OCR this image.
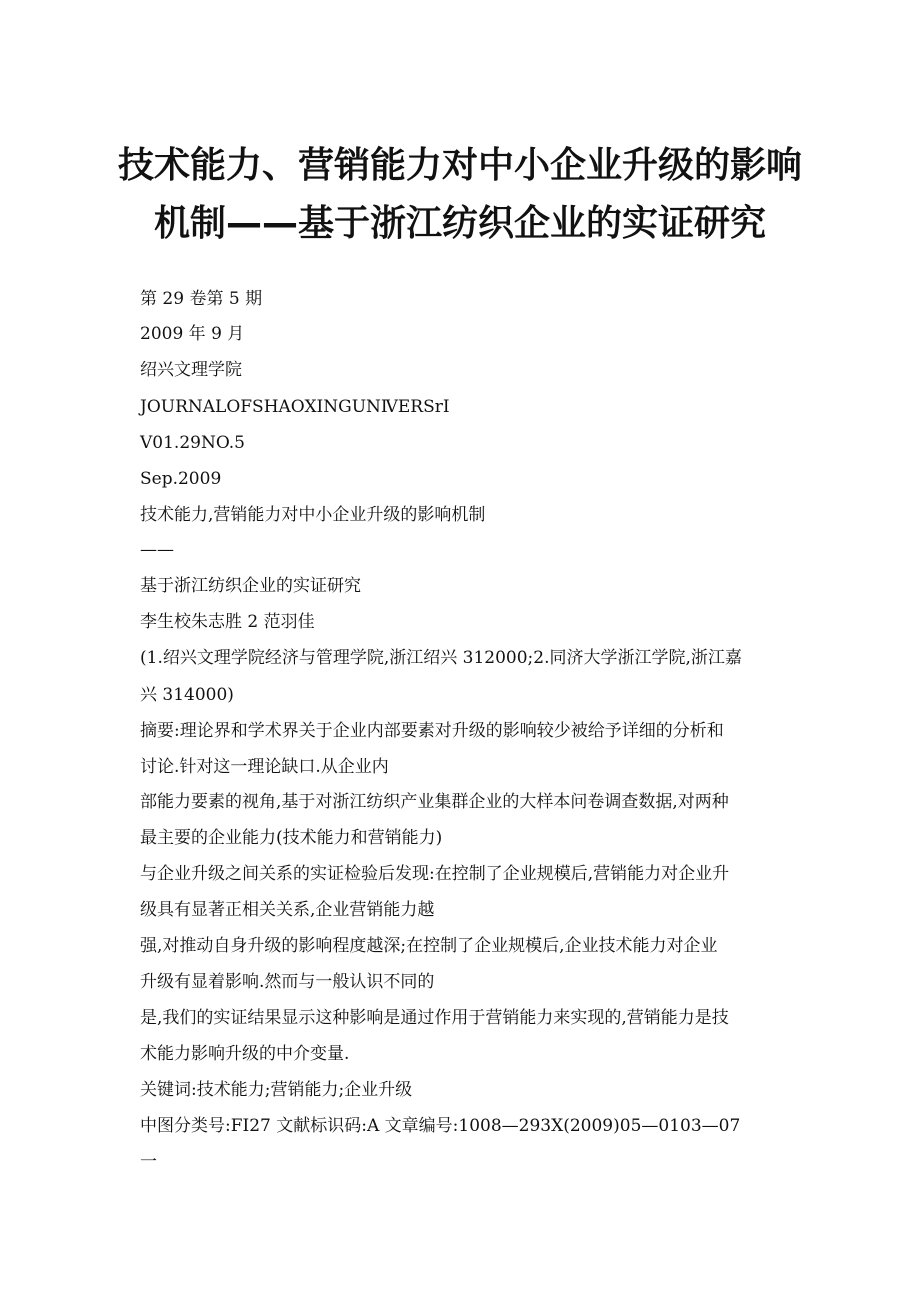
技术能力、营销能力对中小企业升级的影响
机制——基于浙江纺织企业的实证研究
第 29 卷第 5 期
2009 年 9 月
绍兴文理学院
JOURNALOFSHAOXINGUNⅣERSrI
V01.29NO.5
Sep.2009
技术能力,营销能力对中小企业升级的影响机制
——
基于浙江纺织企业的实证研究
李生校朱志胜 2 范羽佳
(1.绍兴文理学院经济与管理学院,浙江绍兴 312000;2.同济大学浙江学院,浙江嘉
兴 314000)
摘要:理论界和学术界关于企业内部要素对升级的影响较少被给予详细的分析和
讨论.针对这一理论缺口.从企业内
部能力要素的视角,基于对浙江纺织产业集群企业的大样本问卷调查数据,对两种
最主要的企业能力(技术能力和营销能力)
与企业升级之间关系的实证检验后发现:在控制了企业规模后,营销能力对企业升
级具有显著正相关关系,企业营销能力越
强,对推动自身升级的影响程度越深;在控制了企业规模后,企业技术能力对企业
升级有显着影响.然而与一般认识不同的
是,我们的实证结果显示这种影响是通过作用于营销能力来实现的,营销能力是技
术能力影响升级的中介变量.
关键词:技术能力;营销能力;企业升级
中图分类号:FI27 文献标识码:A 文章编号:1008—293X(2009)05—0103—07
一
